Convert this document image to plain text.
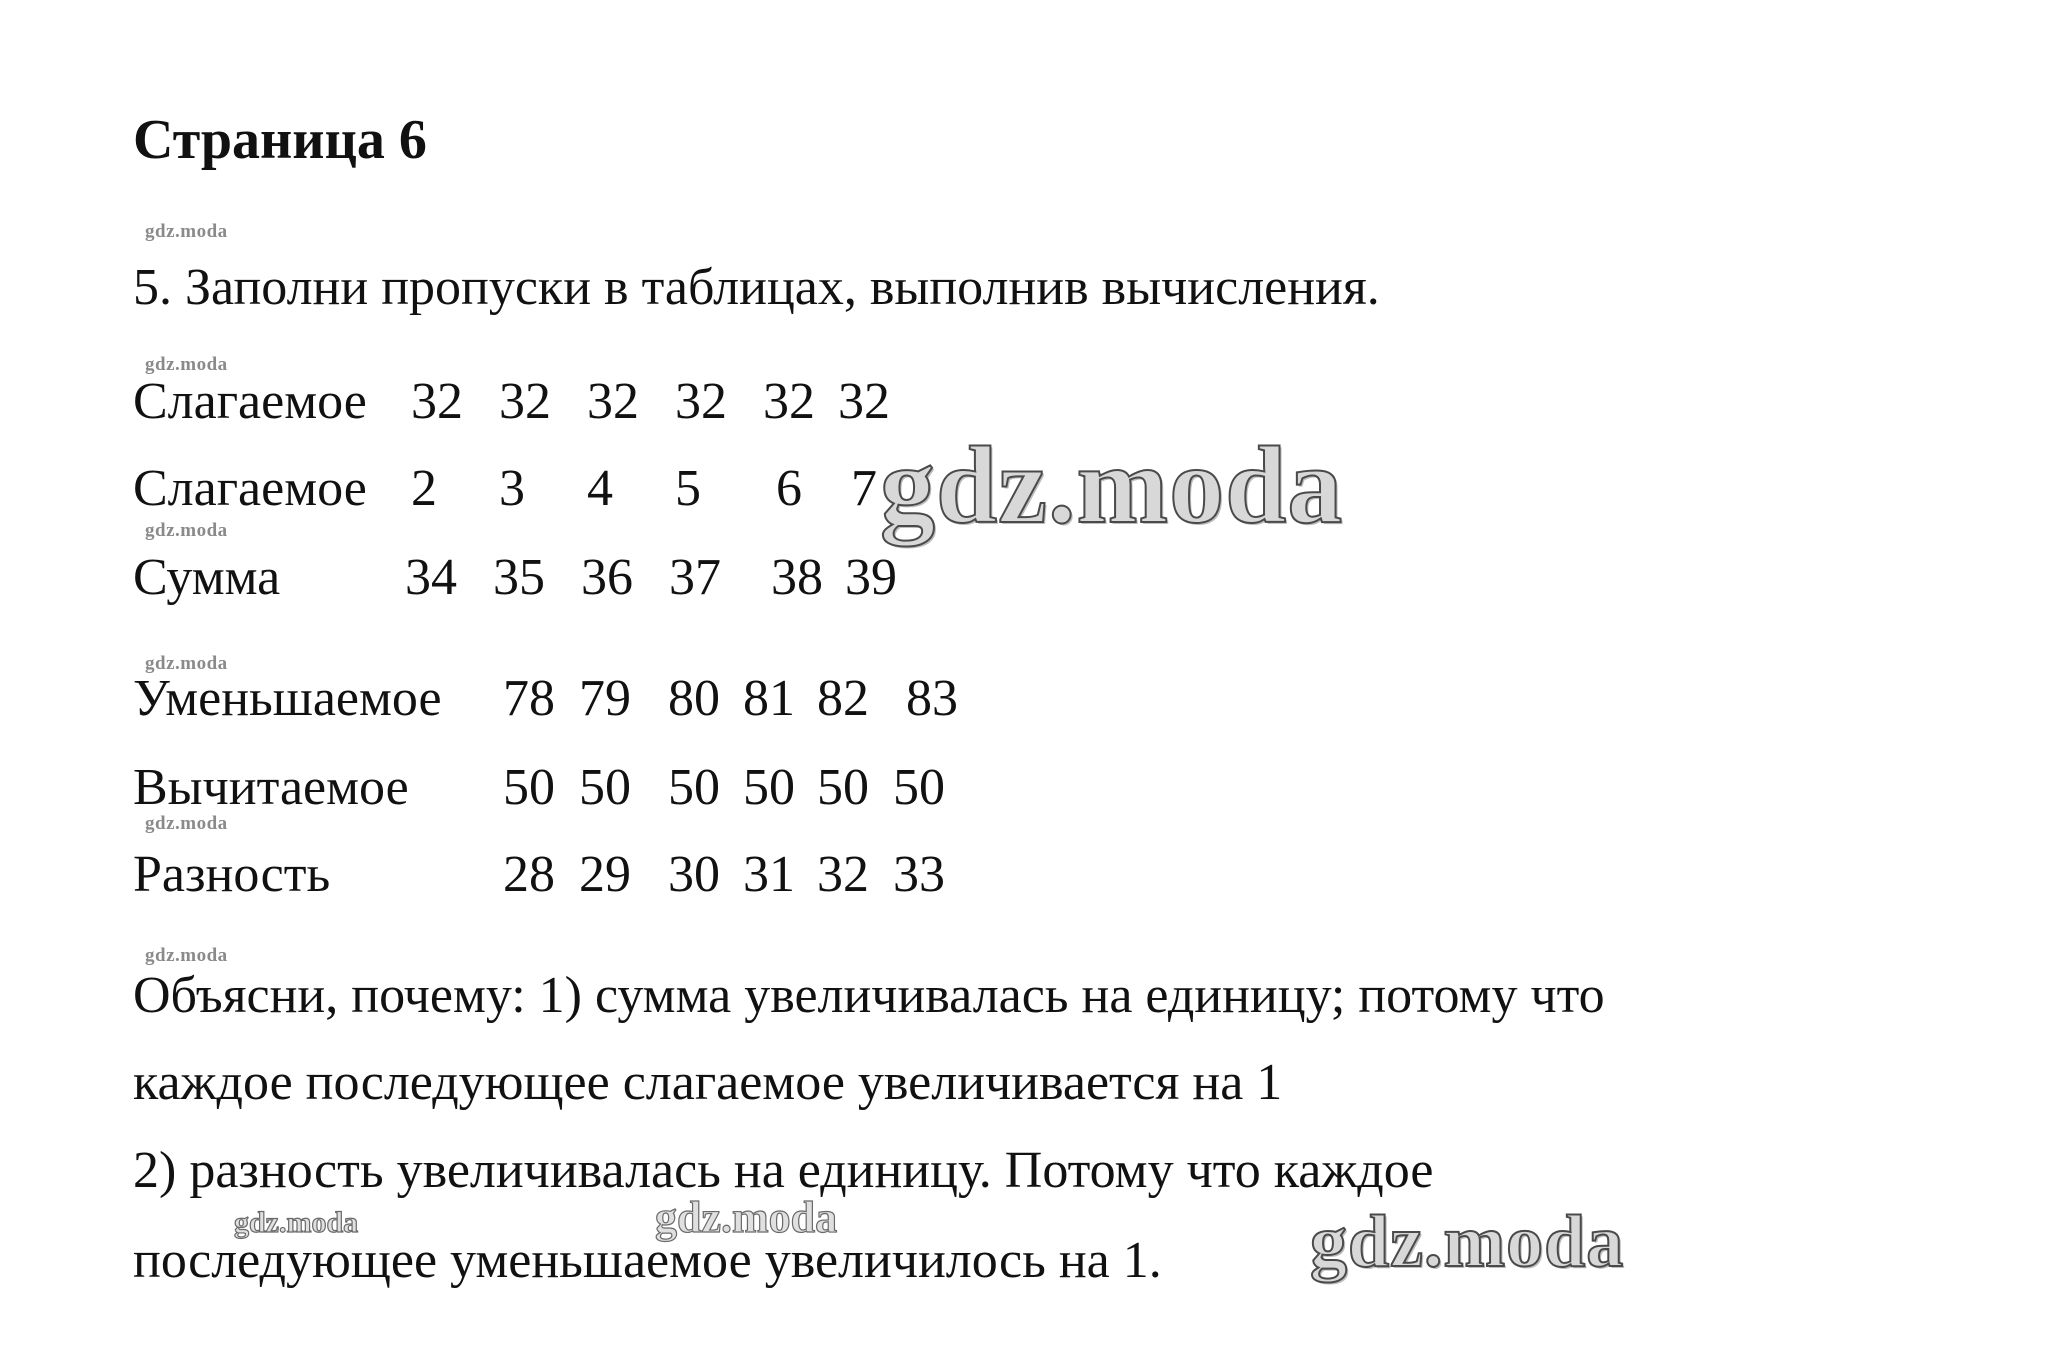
Страница 6
gdz.moda
5. Заполни пропуски в таблицах, выполнив вычисления.
gdz.moda
Слагаемое 32 32 32 32 32 32
Слагаемое 2 3 4 5 6 7
gdz.moda
Сумма 34 35 36 37 38 39
gdz.moda
Уменьшаемое 78 79 80 81 82 83
Вычитаемое 50 50 50 50 50 50
gdz.moda
Разность	28 29 30 31 32 33
gdz.moda
Объясни, почему: 1) сумма увеличивалась на единицу; потому что
каждое последующее слагаемое увеличивается на 1
2) разность увеличивалась на единицу. Потому что каждое
последующее уменьшаемое увеличилось на 1.
gdz.moda
gdz.moda	gdz.moda	gdz.moda
